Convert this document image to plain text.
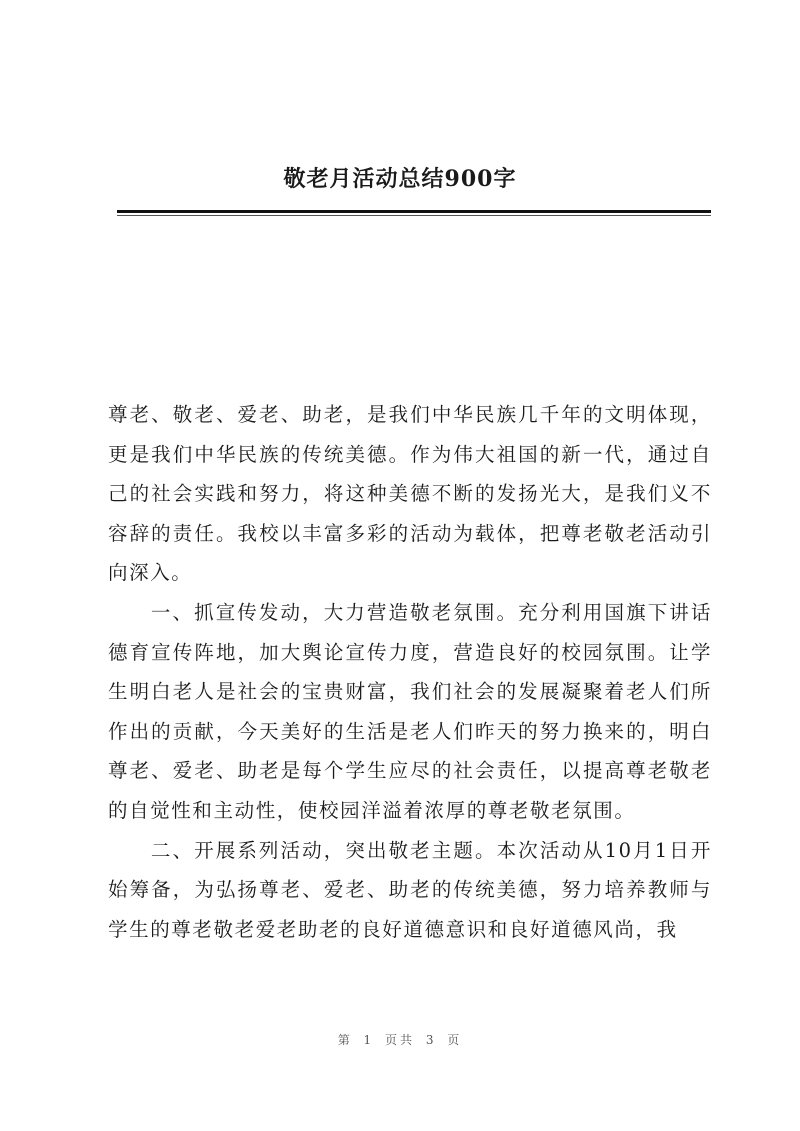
敬老月活动总结900字

尊老、敬老、爱老、助老，是我们中华民族几千年的文明体现，更是我们中华民族的传统美德。作为伟大祖国的新一代，通过自己的社会实践和努力，将这种美德不断的发扬光大，是我们义不容辞的责任。我校以丰富多彩的活动为载体，把尊老敬老活动引向深入。

一、抓宣传发动，大力营造敬老氛围。充分利用国旗下讲话德育宣传阵地，加大舆论宣传力度，营造良好的校园氛围。让学生明白老人是社会的宝贵财富，我们社会的发展凝聚着老人们所作出的贡献，今天美好的生活是老人们昨天的努力换来的，明白尊老、爱老、助老是每个学生应尽的社会责任，以提高尊老敬老的自觉性和主动性，使校园洋溢着浓厚的尊老敬老氛围。

二、开展系列活动，突出敬老主题。本次活动从10月1日开始筹备，为弘扬尊老、爱老、助老的传统美德，努力培养教师与学生的尊老敬老爱老助老的良好道德意识和良好道德风尚，我

第 1 页共 3 页
